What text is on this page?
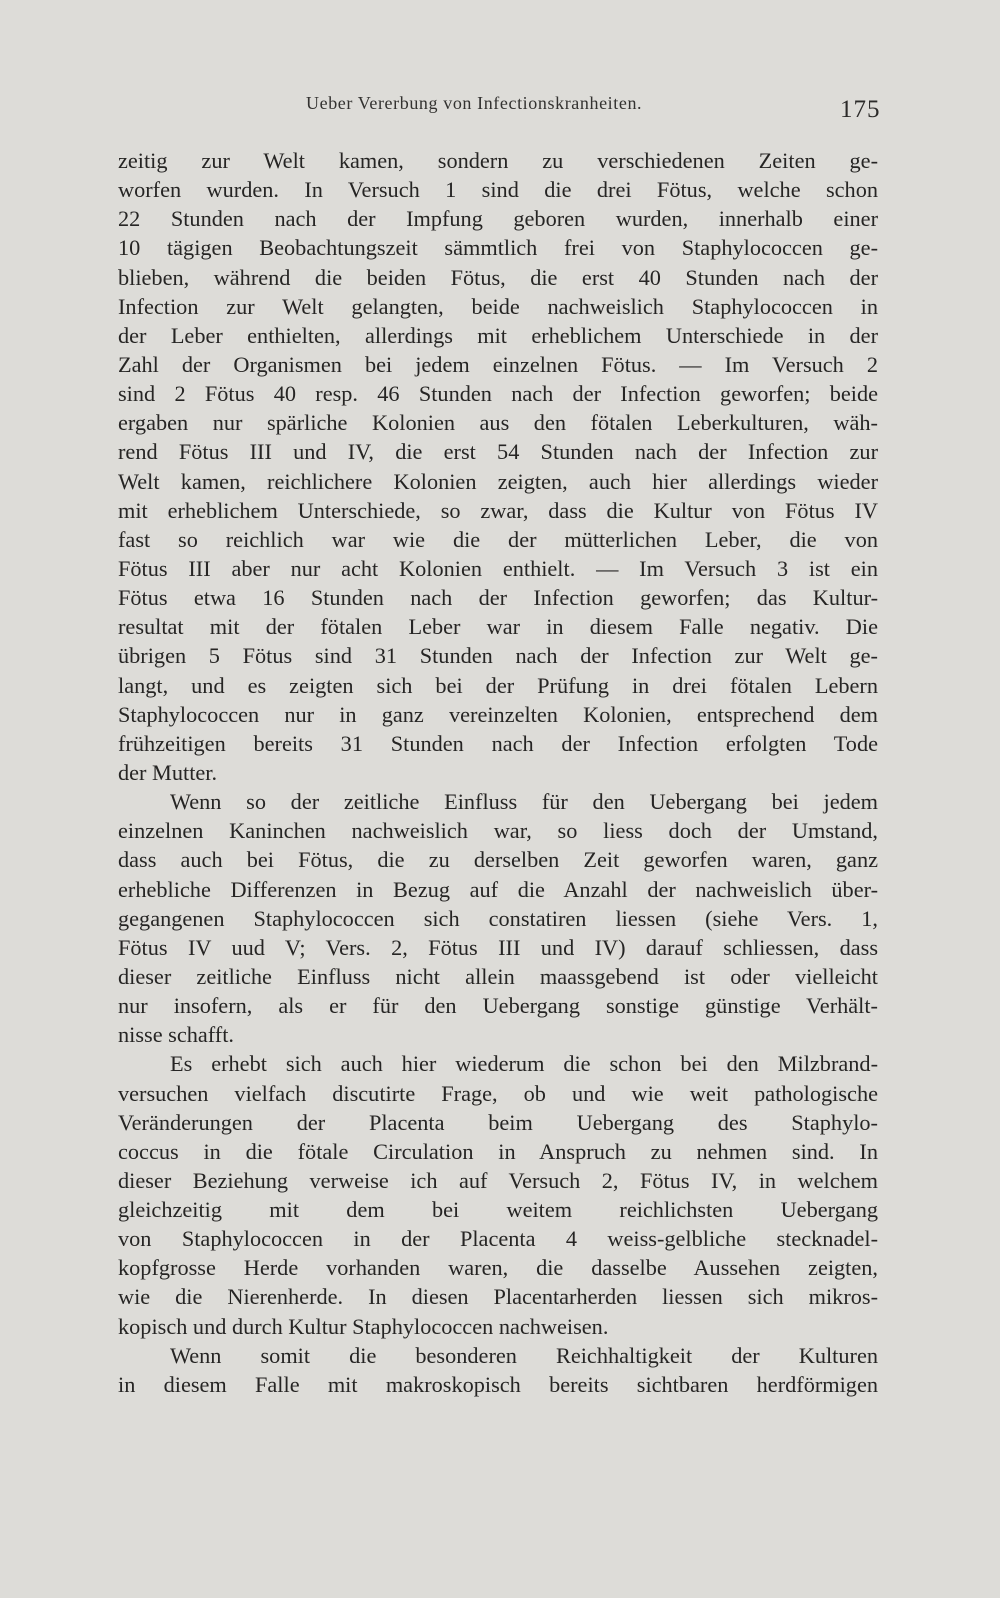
Ueber Vererbung von Infectionskranheiten.	175
zeitig zur Welt kamen, sondern zu verschiedenen Zeiten ge-
worfen wurden. In Versuch 1 sind die drei Fötus, welche schon
22 Stunden nach der Impfung geboren wurden, innerhalb einer
10 tägigen Beobachtungszeit sämmtlich frei von Staphylococcen ge-
blieben, während die beiden Fötus, die erst 40 Stunden nach der
Infection zur Welt gelangten, beide nachweislich Staphylococcen in
der Leber enthielten, allerdings mit erheblichem Unterschiede in der
Zahl der Organismen bei jedem einzelnen Fötus. — Im Versuch 2
sind 2 Fötus 40 resp. 46 Stunden nach der Infection geworfen; beide
ergaben nur spärliche Kolonien aus den fötalen Leberkulturen, wäh-
rend Fötus III und IV, die erst 54 Stunden nach der Infection zur
Welt kamen, reichlichere Kolonien zeigten, auch hier allerdings wieder
mit erheblichem Unterschiede, so zwar, dass die Kultur von Fötus IV
fast so reichlich war wie die der mütterlichen Leber, die von
Fötus III aber nur acht Kolonien enthielt. — Im Versuch 3 ist ein
Fötus etwa 16 Stunden nach der Infection geworfen; das Kultur-
resultat mit der fötalen Leber war in diesem Falle negativ. Die
übrigen 5 Fötus sind 31 Stunden nach der Infection zur Welt ge-
langt, und es zeigten sich bei der Prüfung in drei fötalen Lebern
Staphylococcen nur in ganz vereinzelten Kolonien, entsprechend dem
frühzeitigen bereits 31 Stunden nach der Infection erfolgten Tode
der Mutter.
Wenn so der zeitliche Einfluss für den Uebergang bei jedem
einzelnen Kaninchen nachweislich war, so liess doch der Umstand,
dass auch bei Fötus, die zu derselben Zeit geworfen waren, ganz
erhebliche Differenzen in Bezug auf die Anzahl der nachweislich über-
gegangenen Staphylococcen sich constatiren liessen (siehe Vers. 1,
Fötus IV uud V; Vers. 2, Fötus III und IV) darauf schliessen, dass
dieser zeitliche Einfluss nicht allein maassgebend ist oder vielleicht
nur insofern, als er für den Uebergang sonstige günstige Verhält-
nisse schafft.
Es erhebt sich auch hier wiederum die schon bei den Milzbrand-
versuchen vielfach discutirte Frage, ob und wie weit pathologische
Veränderungen der Placenta beim Uebergang des Staphylo-
coccus in die fötale Circulation in Anspruch zu nehmen sind. In
dieser Beziehung verweise ich auf Versuch 2, Fötus IV, in welchem
gleichzeitig mit dem bei weitem reichlichsten Uebergang
von Staphylococcen in der Placenta 4 weiss-gelbliche stecknadel-
kopfgrosse Herde vorhanden waren, die dasselbe Aussehen zeigten,
wie die Nierenherde. In diesen Placentarherden liessen sich mikros-
kopisch und durch Kultur Staphylococcen nachweisen.
Wenn somit die besonderen Reichhaltigkeit der Kulturen
in diesem Falle mit makroskopisch bereits sichtbaren herdförmigen
